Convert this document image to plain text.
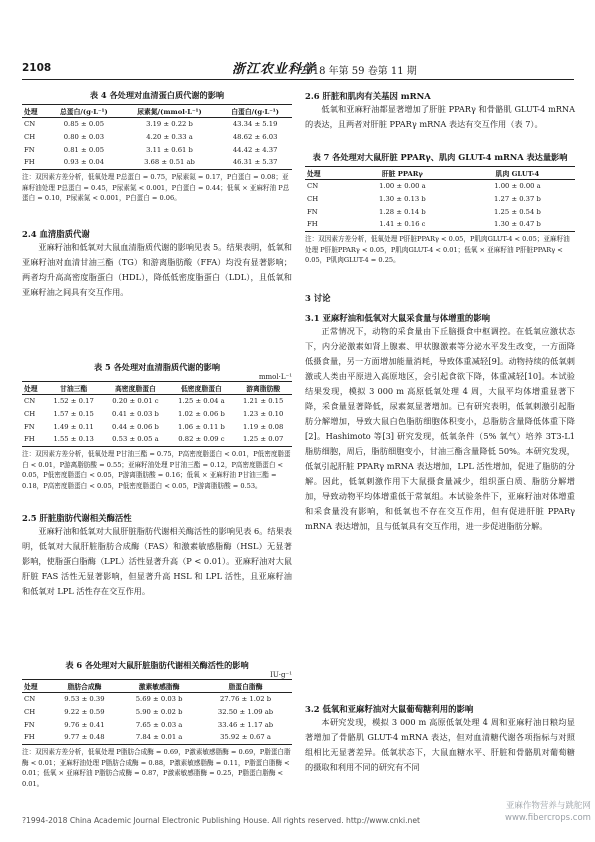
2108	浙江农业科学
2018 年第 59 卷第 11 期
表 4 各处理对血清蛋白质代谢的影响
处理	总蛋白/(g·L⁻¹)	尿素氮/(mmol·L⁻¹)	白蛋白/(g·L⁻¹)
CN	0.85 ± 0.05	3.19 ± 0.22 b	43.34 ± 5.19
CH	0.80 ± 0.03	4.20 ± 0.33 a	48.62 ± 6.03
FN	0.81 ± 0.05	3.11 ± 0.61 b	44.42 ± 4.37
FH	0.93 ± 0.04	3.68 ± 0.51 ab	46.31 ± 5.37
注：双因素方差分析，低氧处理 P总蛋白 = 0.75，P尿素氮 = 0.17，P白蛋白 = 0.08；亚麻籽油处理 P总蛋白 = 0.45，P尿素氮 < 0.001，P白蛋白 = 0.44；低氧 × 亚麻籽油 P总蛋白 = 0.10，P尿素氮 < 0.001，P白蛋白 = 0.06。
2.4 血清脂质代谢

亚麻籽油和低氧对大鼠血清脂质代谢的影响见表 5。结果表明，低氧和亚麻籽油对血清甘油三酯（TG）和游离脂肪酸（FFA）均没有显著影响；两者均升高高密度脂蛋白（HDL），降低低密度脂蛋白（LDL），且低氧和亚麻籽油之间具有交互作用。

表 5 各处理对血清脂质代谢的影响
mmol·L⁻¹
处理	甘油三酯	高密度脂蛋白	低密度脂蛋白	游离脂肪酸
CN	1.52 ± 0.17	0.20 ± 0.01 c	1.25 ± 0.04 a	1.21 ± 0.15
CH	1.57 ± 0.15	0.41 ± 0.03 b	1.02 ± 0.06 b	1.23 ± 0.10
FN	1.49 ± 0.11	0.44 ± 0.06 b	1.06 ± 0.11 b	1.19 ± 0.08
FH	1.55 ± 0.13	0.53 ± 0.05 a	0.82 ± 0.09 c	1.25 ± 0.07
注：双因素方差分析，低氧处理 P甘油三酯 = 0.75，P高密度脂蛋白 < 0.01，P低密度脂蛋白 < 0.01，P游离脂肪酸 = 0.55；亚麻籽油处理 P甘油三酯 = 0.12，P高密度脂蛋白 < 0.05，P低密度脂蛋白 < 0.05，P游离脂肪酸 = 0.16；低氧 × 亚麻籽油 P甘油三酯 = 0.18，P高密度脂蛋白 < 0.05，P低密度脂蛋白 < 0.05，P游离脂肪酸 = 0.53。
2.5 肝脏脂肪代谢相关酶活性

亚麻籽油和低氧对大鼠肝脏脂肪代谢相关酶活性的影响见表 6。结果表明，低氧对大鼠肝脏脂肪合成酶（FAS）和激素敏感脂酶（HSL）无显著影响，使脂蛋白脂酶（LPL）活性显著升高（P < 0.01）。亚麻籽油对大鼠肝脏 FAS 活性无显著影响，但显著升高 HSL 和 LPL 活性，且亚麻籽油和低氧对 LPL 活性存在交互作用。

表 6 各处理对大鼠肝脏脂肪代谢相关酶活性的影响
IU·g⁻¹
处理	脂肪合成酶	激素敏感脂酶	脂蛋白脂酶
CN	9.53 ± 0.39	5.69 ± 0.03 b	27.76 ± 1.02 b
CH	9.22 ± 0.59	5.90 ± 0.02 b	32.50 ± 1.09 ab
FN	9.76 ± 0.41	7.65 ± 0.03 a	33.46 ± 1.17 ab
FH	9.77 ± 0.48	7.84 ± 0.01 a	35.92 ± 0.67 a
注：双因素方差分析，低氧处理 P脂肪合成酶 = 0.69，P激素敏感脂酶 = 0.69，P脂蛋白脂酶 < 0.01；亚麻籽油处理 P脂肪合成酶 = 0.88，P激素敏感脂酶 = 0.11，P脂蛋白脂酶 < 0.01；低氧 × 亚麻籽油 P脂肪合成酶 = 0.87，P激素敏感脂酶 = 0.25，P脂蛋白脂酶 < 0.01。
2.6 肝脏和肌肉有关基因 mRNA

低氧和亚麻籽油都显著增加了肝脏 PPARγ 和骨骼肌 GLUT-4 mRNA 的表达，且两者对肝脏 PPARγ mRNA 表达有交互作用（表 7）。

表 7 各处理对大鼠肝脏 PPARγ、肌肉 GLUT-4 mRNA 表达量影响
处理	肝脏 PPARγ	肌肉 GLUT-4
CN	1.00 ± 0.00 a	1.00 ± 0.00 a
CH	1.30 ± 0.13 b	1.27 ± 0.37 b
FN	1.28 ± 0.14 b	1.25 ± 0.54 b
FH	1.41 ± 0.16 c	1.30 ± 0.47 b
注：双因素方差分析，低氧处理 P肝脏PPARγ < 0.05，P肌肉GLUT-4 < 0.05；亚麻籽油处理 P肝脏PPARγ < 0.05，P肌肉GLUT-4 < 0.01；低氧 × 亚麻籽油 P肝脏PPARγ < 0.05，P肌肉GLUT-4 = 0.25。
3 讨论
3.1 亚麻籽油和低氧对大鼠采食量与体增重的影响

正常情况下，动物的采食量由下丘脑摄食中枢调控。在低氧应激状态下，内分泌激素如肾上腺素、甲状腺激素等分泌水平发生改变，一方面降低摄食量，另一方面增加能量消耗，导致体重减轻[9]。动物持续的低氧刺激或人类由平原进入高原地区，会引起食欲下降，体重减轻[10]。本试验结果发现，模拟 3 000 m 高原低氧处理 4 周，大鼠平均体增重显著下降，采食量显著降低，尿素氮显著增加。已有研究表明，低氧刺激引起脂肪分解增加，导致大鼠白色脂肪细胞体积变小，总脂肪含量降低体重下降[2]。Hashimoto 等[3] 研究发现，低氧条件（5% 氧气）培养 3T3-L1 脂肪细胞，周后，脂肪细胞变小，甘油三酯含量降低 50%。本研究发现，低氧引起肝脏 PPARγ mRNA 表达增加，LPL 活性增加，促进了脂肪的分解。因此，低氧刺激作用下大鼠摄食量减少，组织蛋白质、脂肪分解增加，导致动物平均体增重低于常氧组。本试验条件下，亚麻籽油对体增重和采食量没有影响，和低氧也不存在交互作用，但有促进肝脏 PPARγ mRNA 表达增加，且与低氧具有交互作用，进一步促进脂肪分解。

3.2 低氧和亚麻籽油对大鼠葡萄糖利用的影响

本研究发现，模拟 3 000 m 高原低氧处理 4 周和亚麻籽油日粮均显著增加了骨骼肌 GLUT-4 mRNA 表达，但对血清糖代谢各项指标与对照组相比无显著差异。低氧状态下，大鼠血糖水平、肝脏和骨骼肌对葡萄糖的摄取和利用不同的研究有不同

?1994-2018 China Academic Journal Electronic Publishing House. All rights reserved. http://www.cnki.net
亚麻作物营养与跳舵网
www.fibercrops.com
